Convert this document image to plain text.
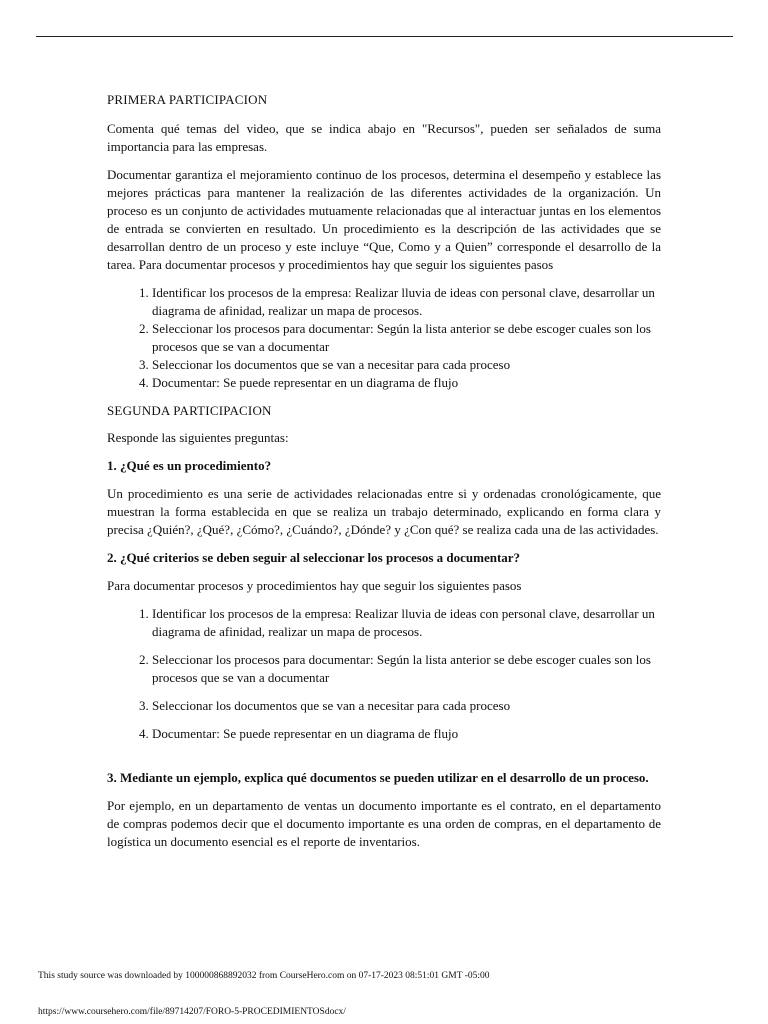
PRIMERA PARTICIPACION

Comenta qué temas del video, que se indica abajo en "Recursos", pueden ser señalados de suma importancia para las empresas.

Documentar garantiza el mejoramiento continuo de los procesos, determina el desempeño y establece las mejores prácticas para mantener la realización de las diferentes actividades de la organización. Un proceso es un conjunto de actividades mutuamente relacionadas que al interactuar juntas en los elementos de entrada se convierten en resultado. Un procedimiento es la descripción de las actividades que se desarrollan dentro de un proceso y este incluye “Que, Como y a Quien” corresponde el desarrollo de la tarea. Para documentar procesos y procedimientos hay que seguir los siguientes pasos

1. Identificar los procesos de la empresa: Realizar lluvia de ideas con personal clave, desarrollar un diagrama de afinidad, realizar un mapa de procesos.
2. Seleccionar los procesos para documentar: Según la lista anterior se debe escoger cuales son los procesos que se van a documentar
3. Seleccionar los documentos que se van a necesitar para cada proceso
4. Documentar: Se puede representar en un diagrama de flujo

SEGUNDA PARTICIPACION

Responde las siguientes preguntas:

1. ¿Qué es un procedimiento?

Un procedimiento es una serie de actividades relacionadas entre si y ordenadas cronológicamente, que muestran la forma establecida en que se realiza un trabajo determinado, explicando en forma clara y precisa ¿Quién?, ¿Qué?, ¿Cómo?, ¿Cuándo?, ¿Dónde? y ¿Con qué? se realiza cada una de las actividades.

2. ¿Qué criterios se deben seguir al seleccionar los procesos a documentar?

Para documentar procesos y procedimientos hay que seguir los siguientes pasos

1. Identificar los procesos de la empresa: Realizar lluvia de ideas con personal clave, desarrollar un diagrama de afinidad, realizar un mapa de procesos.
2. Seleccionar los procesos para documentar: Según la lista anterior se debe escoger cuales son los procesos que se van a documentar
3. Seleccionar los documentos que se van a necesitar para cada proceso
4. Documentar: Se puede representar en un diagrama de flujo

3. Mediante un ejemplo, explica qué documentos se pueden utilizar en el desarrollo de un proceso.

Por ejemplo, en un departamento de ventas un documento importante es el contrato, en el departamento de compras podemos decir que el documento importante es una orden de compras, en el departamento de logística un documento esencial es el reporte de inventarios.

This study source was downloaded by 100000868892032 from CourseHero.com on 07-17-2023 08:51:01 GMT -05:00
https://www.coursehero.com/file/89714207/FORO-5-PROCEDIMIENTOSdocx/
